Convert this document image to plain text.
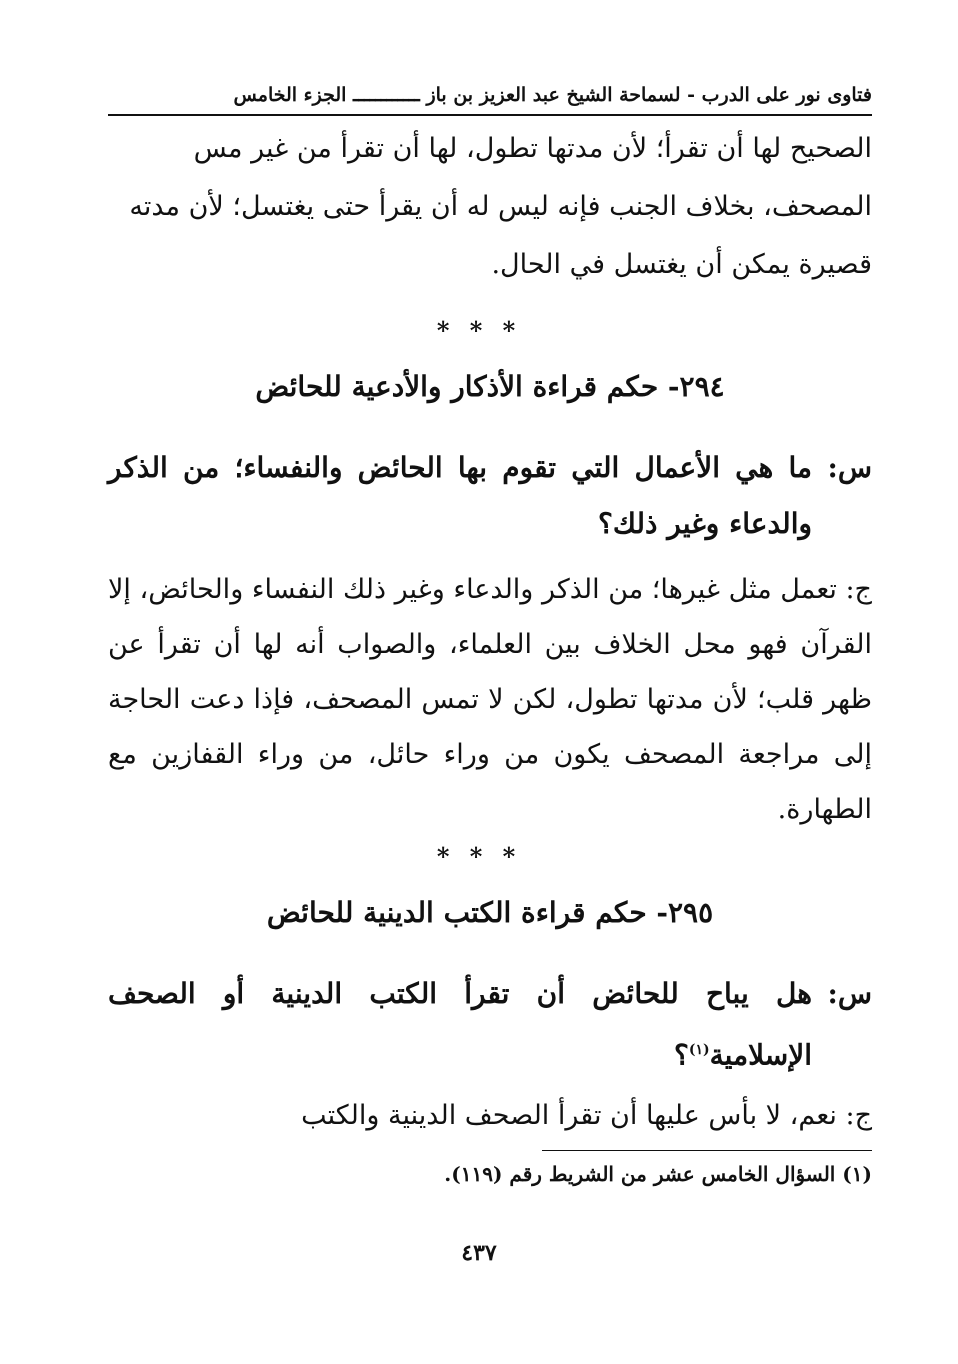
فتاوى نور على الدرب - لسماحة الشيخ عبد العزيز بن باز ــــــــــــ الجزء الخامس
الصحيح لها أن تقرأ؛ لأن مدتها تطول، لها أن تقرأ من غير مس
المصحف، بخلاف الجنب فإنه ليس له أن يقرأ حتى يغتسل؛ لأن مدته
قصيرة يمكن أن يغتسل في الحال.
* * *
٢٩٤- حكم قراءة الأذكار والأدعية للحائض
س:
ما هي الأعمال التي تقوم بها الحائض والنفساء؛ من الذكر والدعاء وغير ذلك؟
ج: تعمل مثل غيرها؛ من الذكر والدعاء وغير ذلك النفساء والحائض، إلا القرآن فهو محل الخلاف بين العلماء، والصواب أنه لها أن تقرأ عن ظهر قلب؛ لأن مدتها تطول، لكن لا تمس المصحف، فإذا دعت الحاجة إلى مراجعة المصحف يكون من وراء حائل، من وراء القفازين مع الطهارة.
* * *
٢٩٥- حكم قراءة الكتب الدينية للحائض
س:
هل يباح للحائض أن تقرأ الكتب الدينية أو الصحف الإسلامية$^{(١)}$؟
ج: نعم، لا بأس عليها أن تقرأ الصحف الدينية والكتب
(١) السؤال الخامس عشر من الشريط رقم (١١٩).
٤٣٧
